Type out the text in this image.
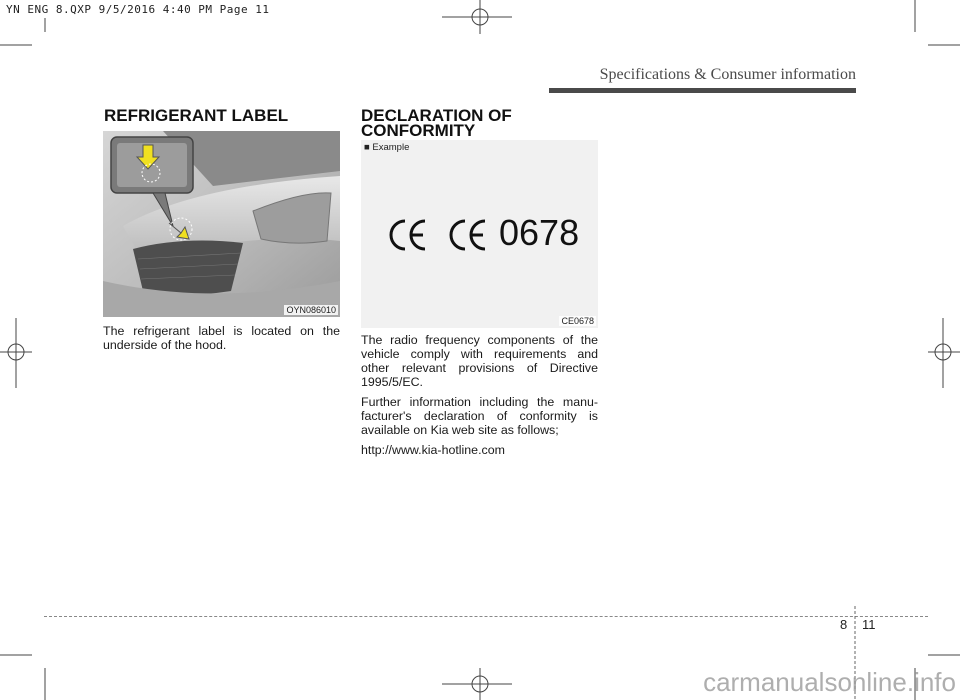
YN ENG 8.QXP 9/5/2016 4:40 PM Page 11
Specifications & Consumer information
REFRIGERANT LABEL
OYN086010

The refrigerant label is located on the underside of the hood.

DECLARATION OF
CONFORMITY
■ Example
0678
CE0678

The radio frequency components of the vehicle comply with requirements and other relevant provisions of Directive 1995/5/EC.

Further information including the manu-facturer's declaration of conformity is available on Kia web site as follows;

http://www.kia-hotline.com

8 11
carmanualsonline.info
